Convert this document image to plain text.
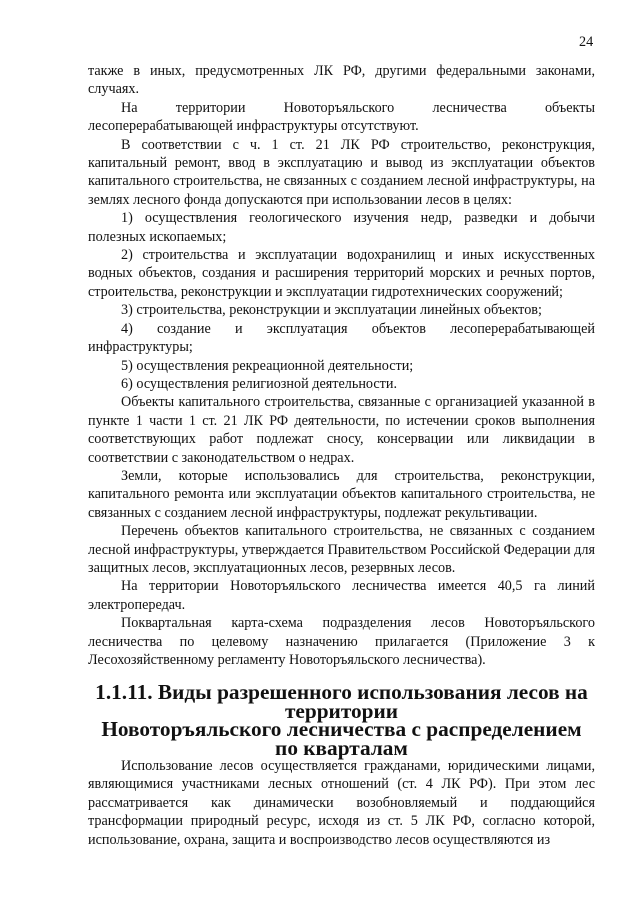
24

также в иных, предусмотренных ЛК РФ, другими федеральными законами, случаях.

На территории Новоторъяльского лесничества объекты лесоперерабатывающей инфраструктуры отсутствуют.

В соответствии с ч. 1 ст. 21 ЛК РФ строительство, реконструкция, капитальный ремонт, ввод в эксплуатацию и вывод из эксплуатации объектов капитального строительства, не связанных с созданием лесной инфраструктуры, на землях лесного фонда допускаются при использовании лесов в целях:

1) осуществления геологического изучения недр, разведки и добычи полезных ископаемых;

2) строительства и эксплуатации водохранилищ и иных искусственных водных объектов, создания и расширения территорий морских и речных портов, строительства, реконструкции и эксплуатации гидротехнических сооружений;

3) строительства, реконструкции и эксплуатации линейных объектов;

4) создание и эксплуатация объектов лесоперерабатывающей инфраструктуры;

5) осуществления рекреационной деятельности;

6) осуществления религиозной деятельности.

Объекты капитального строительства, связанные с организацией указанной в пункте 1 части 1 ст. 21 ЛК РФ деятельности, по истечении сроков выполнения соответствующих работ подлежат сносу, консервации или ликвидации в соответствии с законодательством о недрах.

Земли, которые использовались для строительства, реконструкции, капитального ремонта или эксплуатации объектов капитального строительства, не связанных с созданием лесной инфраструктуры, подлежат рекультивации.

Перечень объектов капитального строительства, не связанных с созданием лесной инфраструктуры, утверждается Правительством Российской Федерации для защитных лесов, эксплуатационных лесов, резервных лесов.

На территории Новоторъяльского лесничества имеется 40,5 га линий электропередач.

Поквартальная карта-схема подразделения лесов Новоторъяльского лесничества по целевому назначению прилагается (Приложение 3 к Лесохозяйственному регламенту Новоторъяльского лесничества).

1.1.11. Виды разрешенного использования лесов на территории
Новоторъяльского лесничества с распределением по кварталам

Использование лесов осуществляется гражданами, юридическими лицами, являющимися участниками лесных отношений (ст. 4 ЛК РФ). При этом лес рассматривается как динамически возобновляемый и поддающийся трансформации природный ресурс, исходя из ст. 5 ЛК РФ, согласно которой, использование, охрана, защита и воспроизводство лесов осуществляются из
